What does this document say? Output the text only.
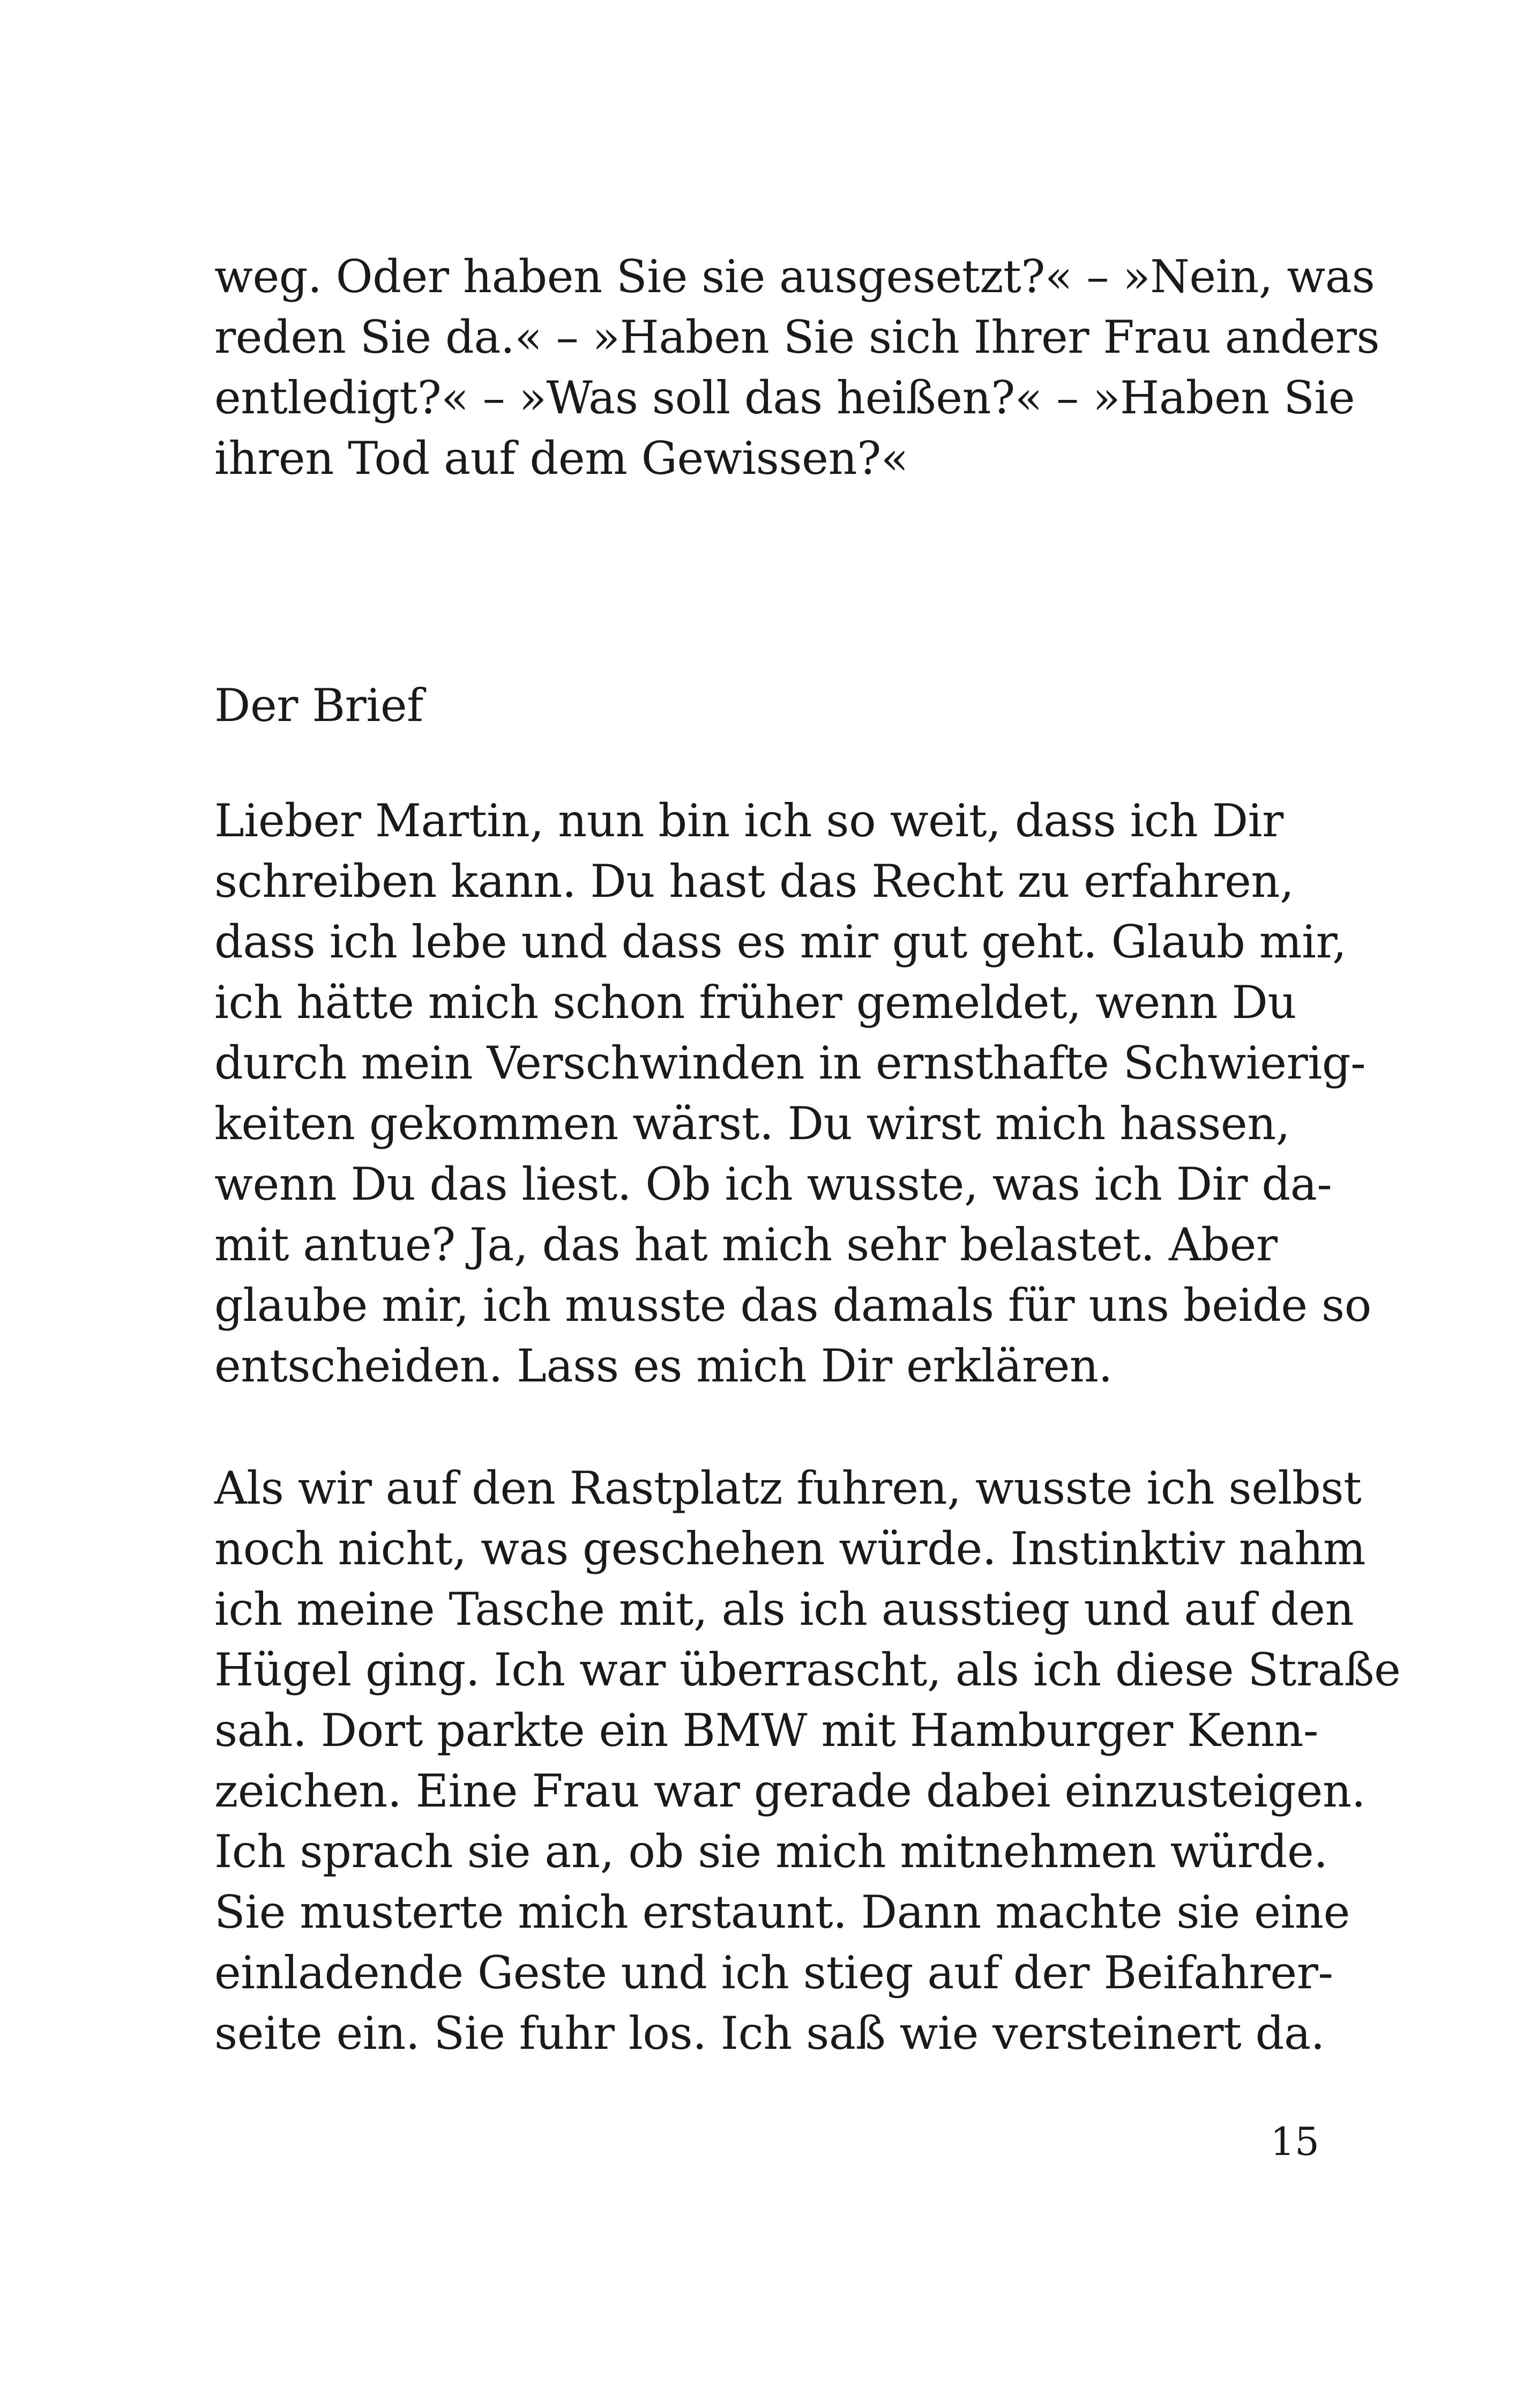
weg. Oder haben Sie sie ausgesetzt?« – »Nein, was
reden Sie da.« – »Haben Sie sich Ihrer Frau anders
entledigt?« – »Was soll das heißen?« – »Haben Sie
ihren Tod auf dem Gewissen?«
Der Brief
Lieber Martin, nun bin ich so weit, dass ich Dir
schreiben kann. Du hast das Recht zu erfahren,
dass ich lebe und dass es mir gut geht. Glaub mir,
ich hätte mich schon früher gemeldet, wenn Du
durch mein Verschwinden in ernsthafte Schwierig-
keiten gekommen wärst. Du wirst mich hassen,
wenn Du das liest. Ob ich wusste, was ich Dir da-
mit antue? Ja, das hat mich sehr belastet. Aber
glaube mir, ich musste das damals für uns beide so
entscheiden. Lass es mich Dir erklären.
Als wir auf den Rastplatz fuhren, wusste ich selbst
noch nicht, was geschehen würde. Instinktiv nahm
ich meine Tasche mit, als ich ausstieg und auf den
Hügel ging. Ich war überrascht, als ich diese Straße
sah. Dort parkte ein BMW mit Hamburger Kenn-
zeichen. Eine Frau war gerade dabei einzusteigen.
Ich sprach sie an, ob sie mich mitnehmen würde.
Sie musterte mich erstaunt. Dann machte sie eine
einladende Geste und ich stieg auf der Beifahrer-
seite ein. Sie fuhr los. Ich saß wie versteinert da.
15
